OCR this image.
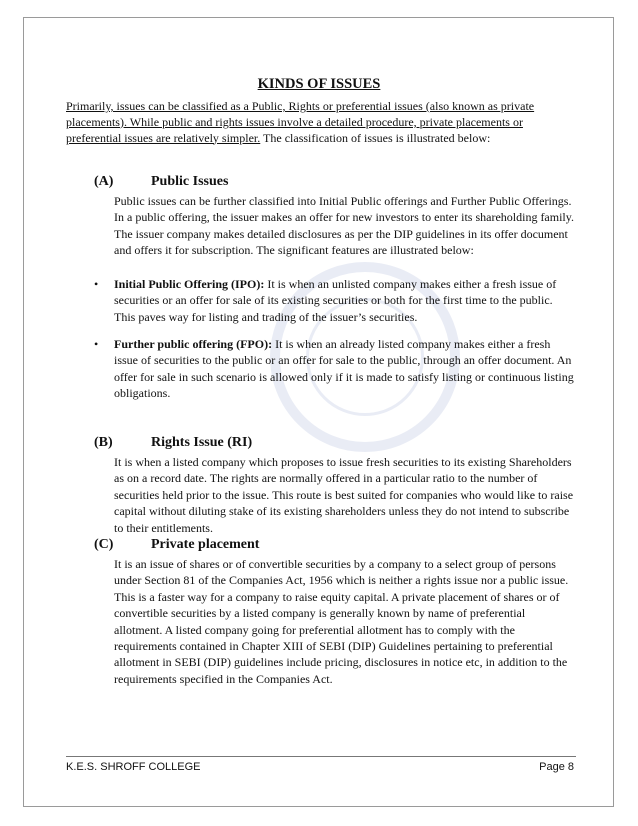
KINDS OF ISSUES
Primarily, issues can be classified as a Public, Rights or preferential issues (also known as private placements). While public and rights issues involve a detailed procedure, private placements or preferential issues are relatively simpler. The classification of issues is illustrated below:
(A)	Public Issues
Public issues can be further classified into Initial Public offerings and Further Public Offerings. In a public offering, the issuer makes an offer for new investors to enter its shareholding family. The issuer company makes detailed disclosures as per the DIP guidelines in its offer document and offers it for subscription. The significant features are illustrated below:
• Initial Public Offering (IPO): It is when an unlisted company makes either a fresh issue of securities or an offer for sale of its existing securities or both for the first time to the public. This paves way for listing and trading of the issuer’s securities.
• Further public offering (FPO): It is when an already listed company makes either a fresh issue of securities to the public or an offer for sale to the public, through an offer document. An offer for sale in such scenario is allowed only if it is made to satisfy listing or continuous listing obligations.
(B)	Rights Issue (RI)
It is when a listed company which proposes to issue fresh securities to its existing Shareholders as on a record date. The rights are normally offered in a particular ratio to the number of securities held prior to the issue. This route is best suited for companies who would like to raise capital without diluting stake of its existing shareholders unless they do not intend to subscribe to their entitlements.
(C)	Private placement
It is an issue of shares or of convertible securities by a company to a select group of persons under Section 81 of the Companies Act, 1956 which is neither a rights issue nor a public issue. This is a faster way for a company to raise equity capital. A private placement of shares or of convertible securities by a listed company is generally known by name of preferential allotment. A listed company going for preferential allotment has to comply with the requirements contained in Chapter XIII of SEBI (DIP) Guidelines pertaining to preferential allotment in SEBI (DIP) guidelines include pricing, disclosures in notice etc, in addition to the requirements specified in the Companies Act.
K.E.S. SHROFF COLLEGE	Page 8
